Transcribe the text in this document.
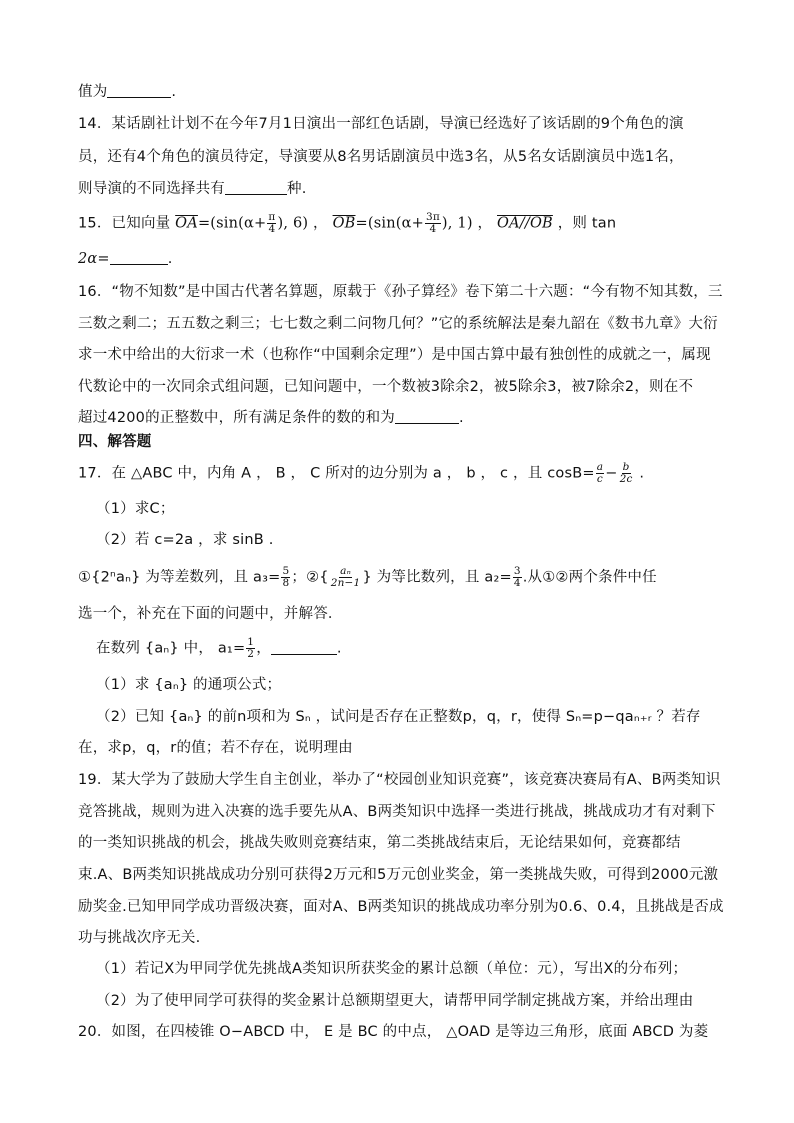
值为	.
14．某话剧社计划不在今年7月1日演出一部红色话剧，导演已经选好了该话剧的9个角色的演
员，还有4个角色的演员待定，导演要从8名男话剧演员中选3名，从5名女话剧演员中选1名，
则导演的不同选择共有	种.
15．已知向量 $\overline{OA}=(\sin(\alpha+ \frac{\pi}{4}$ ), 6) ， $\overline{OB}=(\sin(\alpha+ \frac{3\pi}{4}$ ), 1) ， OA//OB ，则 tan
2α=	.
16．“物不知数”是中国古代著名算题，原载于《孙子算经》卷下第二十六题：“今有物不知其数，三
三数之剩二；五五数之剩三；七七数之剩二问物几何？”它的系统解法是秦九韶在《数书九章》大衍
求一术中给出的大衍求一术（也称作“中国剩余定理”）是中国古算中最有独创性的成就之一，属现
代数论中的一次同余式组问题，已知问题中，一个数被3除余2，被5除余3，被7除余2，则在不
超过4200的正整数中，所有满足条件的数的和为	.
四、解答题
17．在 △ABC 中，内角 A ， B ， C 所对的边分别为 a ， b ， c ，且 $\cos B= \frac{a}{c} - \frac{b}{2c}$ .
（1）求C；
（2）若 c=2a ，求 sinB .
①{2ⁿaₙ} 为等差数列，且 $a_3= \frac{5}{8}$ ；②{ $\frac{\text{aₙ}}{2n-1}$ } 为等比数列，且 $a_2= \frac{3}{4}$ .从①②两个条件中任
选一个，补充在下面的问题中，并解答．
在数列 {aₙ} 中， $a_1= \frac{1}{2}$ ，	.
（1）求 {aₙ} 的通项公式；
（2）已知 {aₙ} 的前n项和为 Sₙ ，试问是否存在正整数p，q，r，使得 Sₙ=p−qaₙ₊ᵣ ？若存
在，求p，q，r的值；若不存在，说明理由
19．某大学为了鼓励大学生自主创业，举办了“校园创业知识竞赛”，该竞赛决赛局有A、B两类知识
竞答挑战，规则为进入决赛的选手要先从A、B两类知识中选择一类进行挑战，挑战成功才有对剩下
的一类知识挑战的机会，挑战失败则竞赛结束，第二类挑战结束后，无论结果如何，竞赛都结
束.A、B两类知识挑战成功分别可获得2万元和5万元创业奖金，第一类挑战失败，可得到2000元激
励奖金.已知甲同学成功晋级决赛，面对A、B两类知识的挑战成功率分别为0.6、0.4，且挑战是否成
功与挑战次序无关.
（1）若记X为甲同学优先挑战A类知识所获奖金的累计总额（单位：元），写出X的分布列；
（2）为了使甲同学可获得的奖金累计总额期望更大，请帮甲同学制定挑战方案，并给出理由
20．如图，在四棱锥 O−ABCD 中， E 是 BC 的中点， △OAD 是等边三角形，底面 ABCD 为菱
